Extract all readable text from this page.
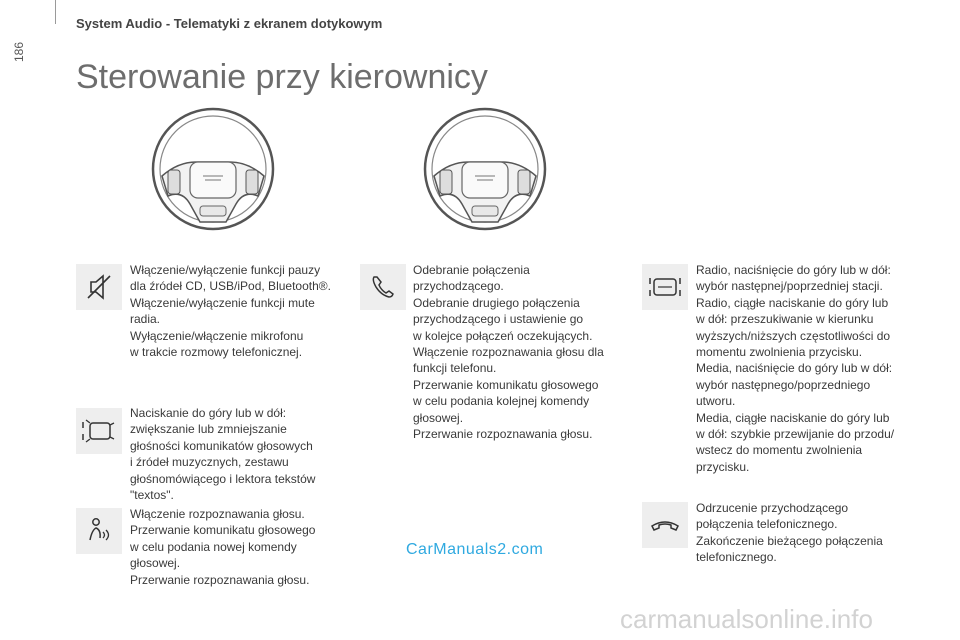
186
System Audio - Telematyki z ekranem dotykowym
Sterowanie przy kierownicy
Włączenie/wyłączenie funkcji pauzy
dla źródeł CD, USB/iPod, Bluetooth®.
Włączenie/wyłączenie funkcji mute
radia.
Wyłączenie/włączenie mikrofonu
w trakcie rozmowy telefonicznej.
Naciskanie do góry lub w dół:
zwiększanie lub zmniejszanie
głośności komunikatów głosowych
i źródeł muzycznych, zestawu
głośnomówiącego i lektora tekstów
"textos".
Włączenie rozpoznawania głosu.
Przerwanie komunikatu głosowego
w celu podania nowej komendy
głosowej.
Przerwanie rozpoznawania głosu.
Odebranie połączenia
przychodzącego.
Odebranie drugiego połączenia
przychodzącego i ustawienie go
w kolejce połączeń oczekujących.
Włączenie rozpoznawania głosu dla
funkcji telefonu.
Przerwanie komunikatu głosowego
w celu podania kolejnej komendy
głosowej.
Przerwanie rozpoznawania głosu.
Radio, naciśnięcie do góry lub w dół:
wybór następnej/poprzedniej stacji.
Radio, ciągłe naciskanie do góry lub
w dół: przeszukiwanie w kierunku
wyższych/niższych częstotliwości do
momentu zwolnienia przycisku.
Media, naciśnięcie do góry lub w dół:
wybór następnego/poprzedniego
utworu.
Media, ciągłe naciskanie do góry lub
w dół: szybkie przewijanie do przodu/
wstecz do momentu zwolnienia
przycisku.
Odrzucenie przychodzącego
połączenia telefonicznego.
Zakończenie bieżącego połączenia
telefonicznego.
CarManuals2.com
carmanualsonline.info
